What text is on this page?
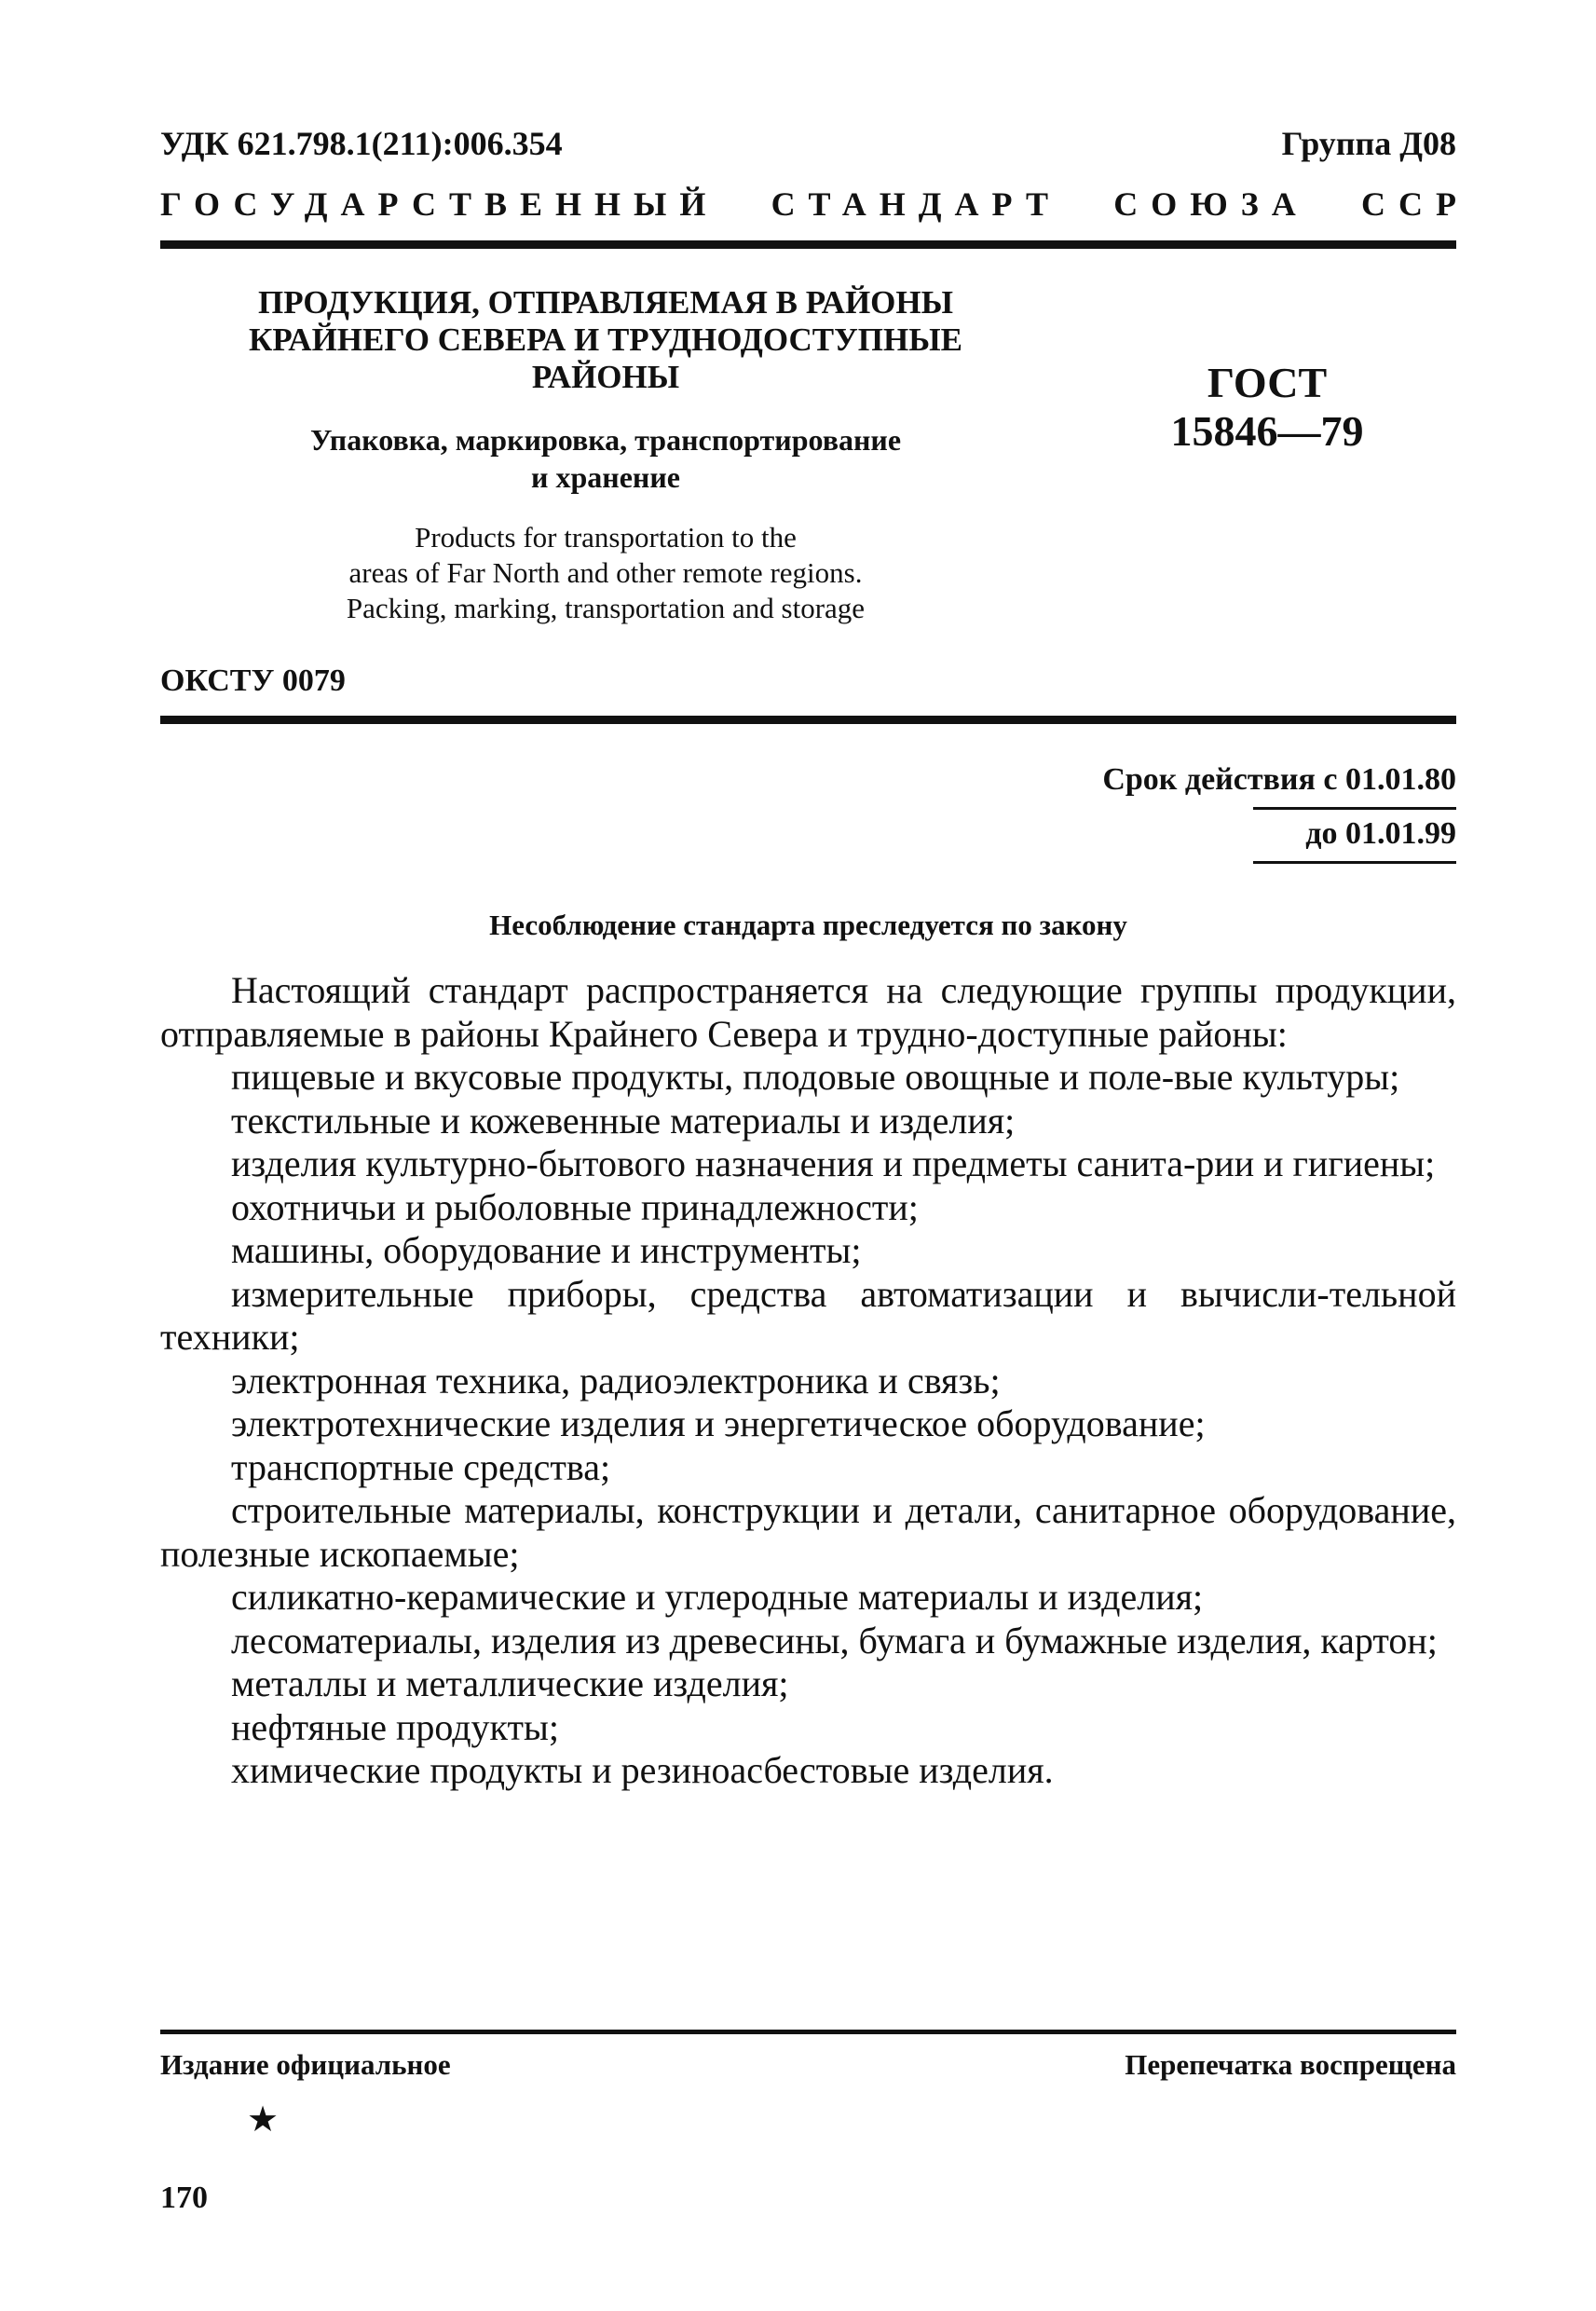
УДК 621.798.1(211):006.354	Группа Д08
ГОСУДАРСТВЕННЫЙ СТАНДАРТ СОЮЗА ССР
ПРОДУКЦИЯ, ОТПРАВЛЯЕМАЯ В РАЙОНЫ
КРАЙНЕГО СЕВЕРА И ТРУДНОДОСТУПНЫЕ
РАЙОНЫ
Упаковка, маркировка, транспортирование
и хранение
Products for transportation to the
areas of Far North and other remote regions.
Packing, marking, transportation and storage
ГОСТ
15846—79
ОКСТУ 0079
Срок действия с 01.01.80
до 01.01.99
Несоблюдение стандарта преследуется по закону

Настоящий стандарт распространяется на следующие группы продукции, отправляемые в районы Крайнего Севера и трудно-доступные районы:

пищевые и вкусовые продукты, плодовые овощные и поле-вые культуры;

текстильные и кожевенные материалы и изделия;

изделия культурно-бытового назначения и предметы санита-рии и гигиены;

охотничьи и рыболовные принадлежности;

машины, оборудование и инструменты;

измерительные приборы, средства автоматизации и вычисли-тельной техники;

электронная техника, радиоэлектроника и связь;

электротехнические изделия и энергетическое оборудование;

транспортные средства;

строительные материалы, конструкции и детали, санитарное оборудование, полезные ископаемые;

силикатно-керамические и углеродные материалы и изделия;

лесоматериалы, изделия из древесины, бумага и бумажные изделия, картон;

металлы и металлические изделия;

нефтяные продукты;

химические продукты и резиноасбестовые изделия.

Издание официальное	Перепечатка воспрещена
★
170
